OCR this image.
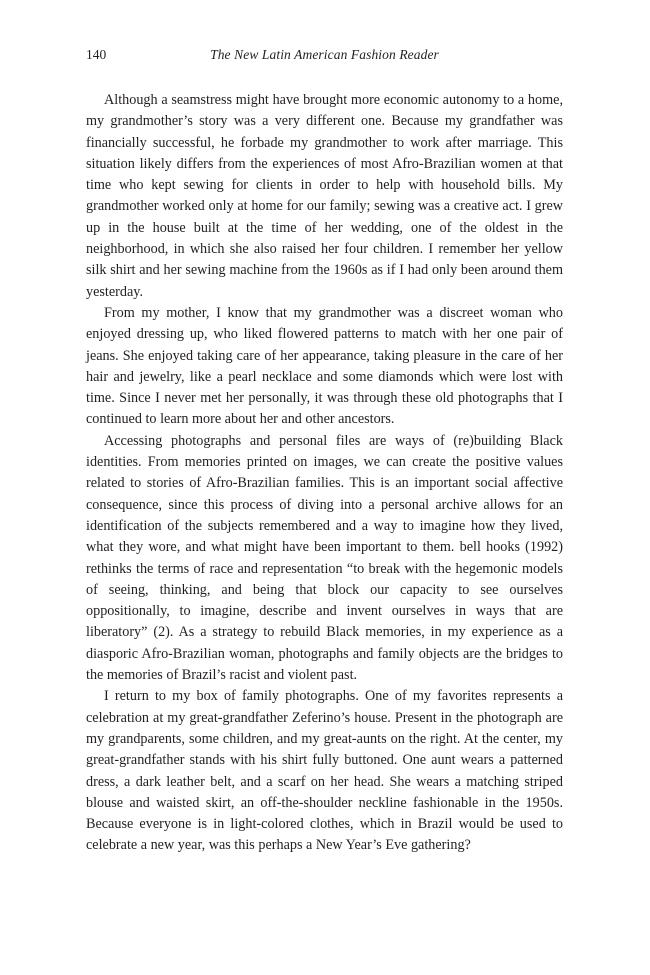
140	The New Latin American Fashion Reader

Although a seamstress might have brought more economic autonomy to a home, my grandmother’s story was a very different one. Because my grandfather was financially successful, he forbade my grandmother to work after marriage. This situation likely differs from the experiences of most Afro-Brazilian women at that time who kept sewing for clients in order to help with household bills. My grandmother worked only at home for our family; sewing was a creative act. I grew up in the house built at the time of her wedding, one of the oldest in the neighborhood, in which she also raised her four children. I remember her yellow silk shirt and her sewing machine from the 1960s as if I had only been around them yesterday.

From my mother, I know that my grandmother was a discreet woman who enjoyed dressing up, who liked flowered patterns to match with her one pair of jeans. She enjoyed taking care of her appearance, taking pleasure in the care of her hair and jewelry, like a pearl necklace and some diamonds which were lost with time. Since I never met her personally, it was through these old photographs that I continued to learn more about her and other ancestors.

Accessing photographs and personal files are ways of (re)building Black identities. From memories printed on images, we can create the positive values related to stories of Afro-Brazilian families. This is an important social affective consequence, since this process of diving into a personal archive allows for an identification of the subjects remembered and a way to imagine how they lived, what they wore, and what might have been important to them. bell hooks (1992) rethinks the terms of race and representation “to break with the hegemonic models of seeing, thinking, and being that block our capacity to see ourselves oppositionally, to imagine, describe and invent ourselves in ways that are liberatory” (2). As a strategy to rebuild Black memories, in my experience as a diasporic Afro-Brazilian woman, photographs and family objects are the bridges to the memories of Brazil’s racist and violent past.

I return to my box of family photographs. One of my favorites represents a celebration at my great-grandfather Zeferino’s house. Present in the photograph are my grandparents, some children, and my great-aunts on the right. At the center, my great-grandfather stands with his shirt fully buttoned. One aunt wears a patterned dress, a dark leather belt, and a scarf on her head. She wears a matching striped blouse and waisted skirt, an off-the-shoulder neckline fashionable in the 1950s. Because everyone is in light-colored clothes, which in Brazil would be used to celebrate a new year, was this perhaps a New Year’s Eve gathering?
